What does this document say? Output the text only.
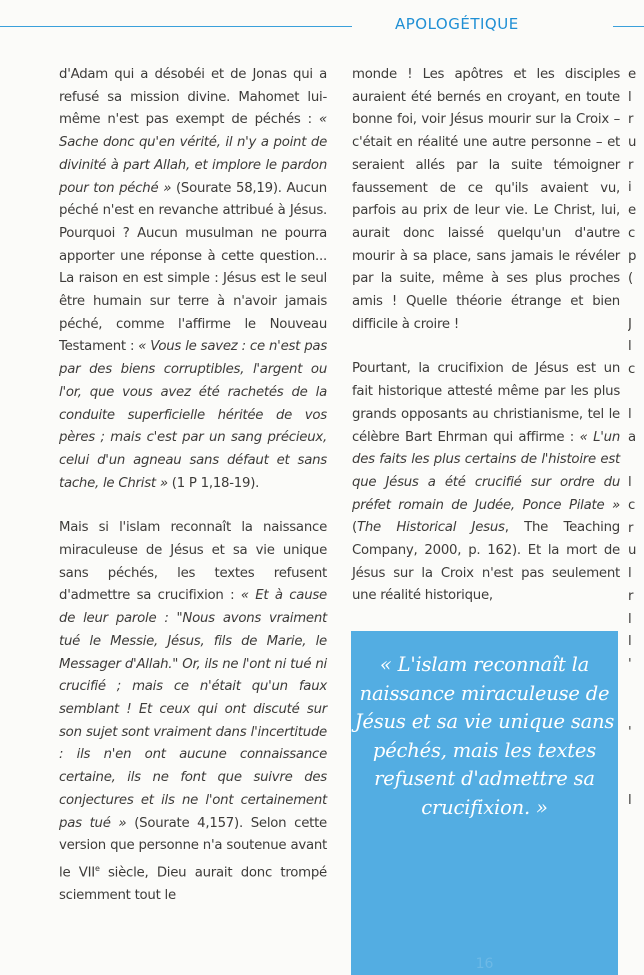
APOLOGÉTIQUE

d'Adam qui a désobéi et de Jonas qui a refusé sa mission divine. Mahomet lui-même n'est pas exempt de péchés : « Sache donc qu'en vérité, il n'y a point de divinité à part Allah, et implore le pardon pour ton péché » (Sourate 58,19). Aucun péché n'est en revanche attribué à Jésus. Pourquoi ? Aucun musulman ne pourra apporter une réponse à cette question... La raison en est simple : Jésus est le seul être humain sur terre à n'avoir jamais péché, comme l'affirme le Nouveau Testament : « Vous le savez : ce n'est pas par des biens corruptibles, l'argent ou l'or, que vous avez été rachetés de la conduite superficielle héritée de vos pères ; mais c'est par un sang précieux, celui d'un agneau sans défaut et sans tache, le Christ » (1 P 1,18-19).

Mais si l'islam reconnaît la naissance miraculeuse de Jésus et sa vie unique sans péchés, les textes refusent d'admettre sa crucifixion : « Et à cause de leur parole : "Nous avons vraiment tué le Messie, Jésus, fils de Marie, le Messager d'Allah." Or, ils ne l'ont ni tué ni crucifié ; mais ce n'était qu'un faux semblant ! Et ceux qui ont discuté sur son sujet sont vraiment dans l'incertitude : ils n'en ont aucune connaissance certaine, ils ne font que suivre des conjectures et ils ne l'ont certainement pas tué » (Sourate 4,157). Selon cette version que personne n'a soutenue avant le VIIe siècle, Dieu aurait donc trompé sciemment tout le

monde ! Les apôtres et les disciples auraient été bernés en croyant, en toute bonne foi, voir Jésus mourir sur la Croix – c'était en réalité une autre personne – et seraient allés par la suite témoigner faussement de ce qu'ils avaient vu, parfois au prix de leur vie. Le Christ, lui, aurait donc laissé quelqu'un d'autre mourir à sa place, sans jamais le révéler par la suite, même à ses plus proches amis ! Quelle théorie étrange et bien difficile à croire !

Pourtant, la crucifixion de Jésus est un fait historique attesté même par les plus grands opposants au christianisme, tel le célèbre Bart Ehrman qui affirme : « L'un des faits les plus certains de l'histoire est que Jésus a été crucifié sur ordre du préfet romain de Judée, Ponce Pilate » (The Historical Jesus, The Teaching Company, 2000, p. 162). Et la mort de Jésus sur la Croix n'est pas seulement une réalité historique,

« L'islam reconnaît la naissance miraculeuse de Jésus et sa vie unique sans péchés, mais les textes refusent d'admettre sa crucifixion. »
16
e
l
r
u
r
i
e
c
p
(
J
l
c
l
a
l
c
r
u
l
r
l
l
'
'
l
